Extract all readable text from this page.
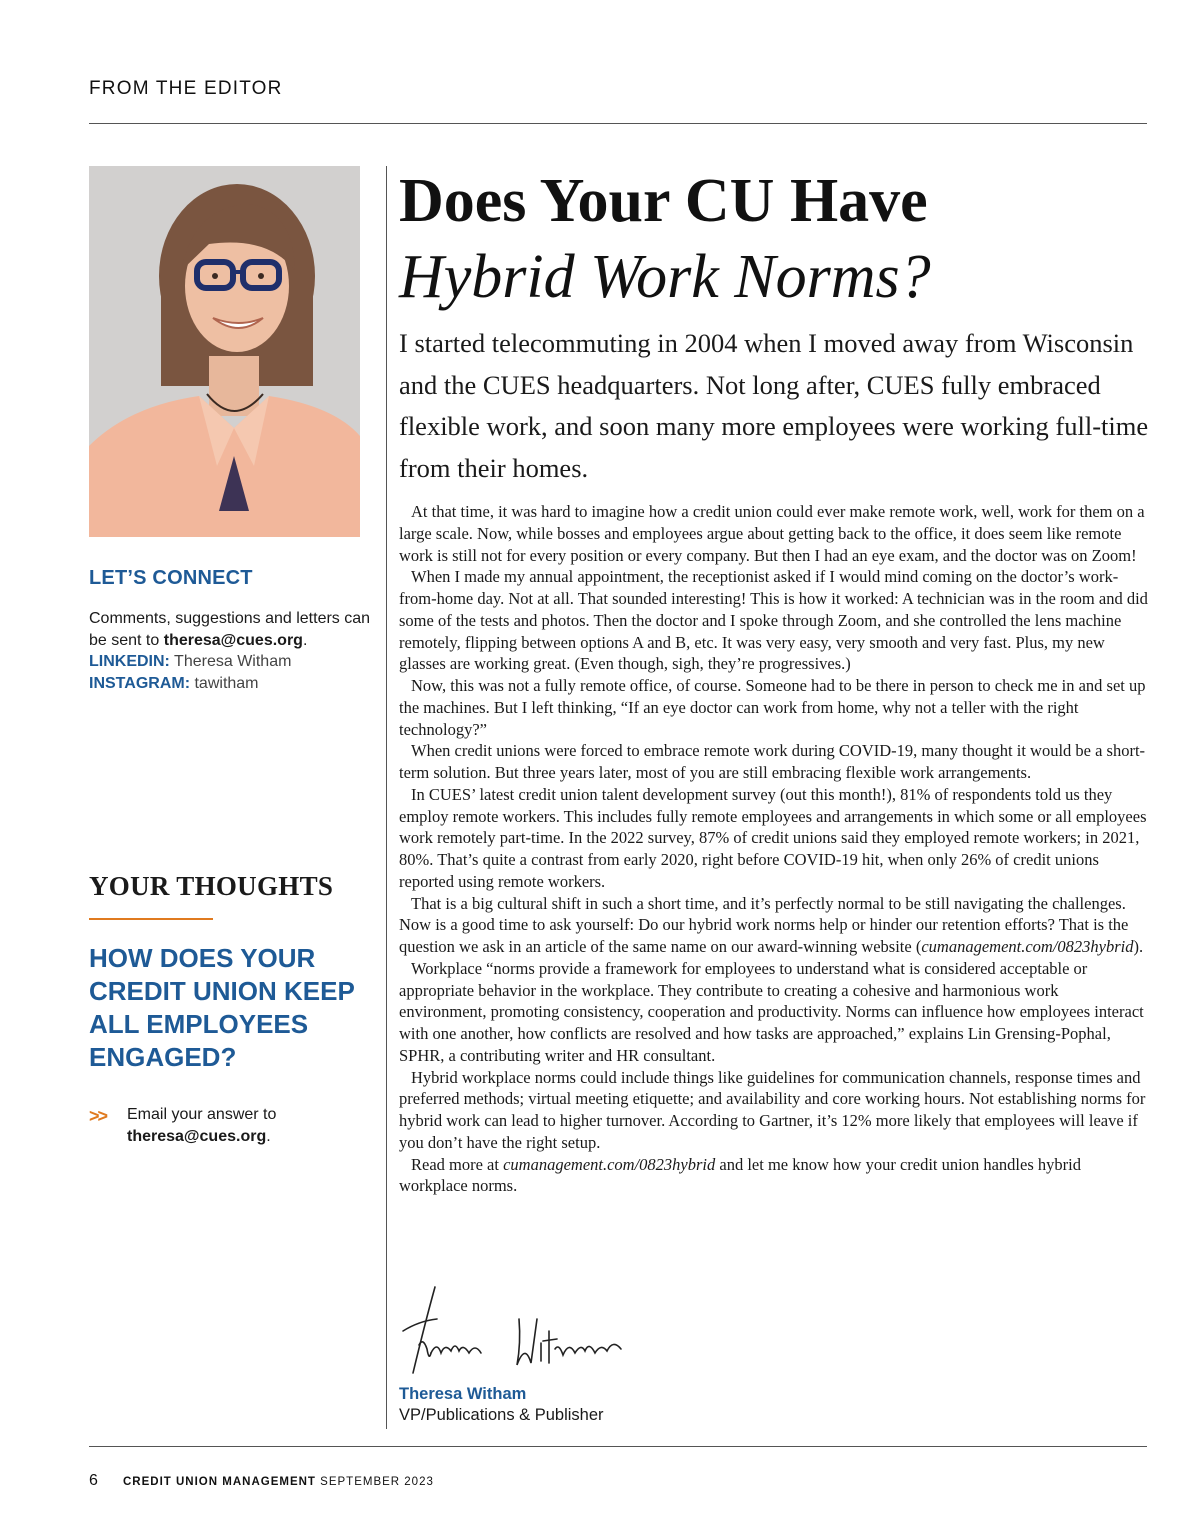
FROM THE EDITOR
LET’S CONNECT
Comments, suggestions and letters can be sent to theresa@cues.org.
LINKEDIN: Theresa Witham
INSTAGRAM: tawitham
YOUR THOUGHTS
HOW DOES YOUR CREDIT UNION KEEP ALL EMPLOYEES ENGAGED?
>> Email your answer to
theresa@cues.org.
Does Your CU Have
Hybrid Work Norms?

I started telecommuting in 2004 when I moved away from Wisconsin and the CUES headquarters. Not long after, CUES fully embraced flexible work, and soon many more employees were working full-time from their homes.

At that time, it was hard to imagine how a credit union could ever make remote work, well, work for them on a large scale. Now, while bosses and employees argue about getting back to the office, it does seem like remote work is still not for every position or every company. But then I had an eye exam, and the doctor was on Zoom!

When I made my annual appointment, the receptionist asked if I would mind coming on the doctor’s work-from-home day. Not at all. That sounded interesting! This is how it worked: A technician was in the room and did some of the tests and photos. Then the doctor and I spoke through Zoom, and she controlled the lens machine remotely, flipping between options A and B, etc. It was very easy, very smooth and very fast. Plus, my new glasses are working great. (Even though, sigh, they’re progressives.)

Now, this was not a fully remote office, of course. Someone had to be there in person to check me in and set up the machines. But I left thinking, “If an eye doctor can work from home, why not a teller with the right technology?”

When credit unions were forced to embrace remote work during COVID-19, many thought it would be a short-term solution. But three years later, most of you are still embracing flexible work arrangements.

In CUES’ latest credit union talent development survey (out this month!), 81% of respondents told us they employ remote workers. This includes fully remote employees and arrangements in which some or all employees work remotely part-time. In the 2022 survey, 87% of credit unions said they employed remote workers; in 2021, 80%. That’s quite a contrast from early 2020, right before COVID-19 hit, when only 26% of credit unions reported using remote workers.

That is a big cultural shift in such a short time, and it’s perfectly normal to be still navigating the challenges. Now is a good time to ask yourself: Do our hybrid work norms help or hinder our retention efforts? That is the question we ask in an article of the same name on our award-winning website (cumanagement.com/0823hybrid).

Workplace “norms provide a framework for employees to understand what is considered acceptable or appropriate behavior in the workplace. They contribute to creating a cohesive and harmonious work environment, promoting consistency, cooperation and productivity. Norms can influence how employees interact with one another, how conflicts are resolved and how tasks are approached,” explains Lin Grensing-Pophal, SPHR, a contributing writer and HR consultant.

Hybrid workplace norms could include things like guidelines for communication channels, response times and preferred methods; virtual meeting etiquette; and availability and core working hours. Not establishing norms for hybrid work can lead to higher turnover. According to Gartner, it’s 12% more likely that employees will leave if you don’t have the right setup.

Read more at cumanagement.com/0823hybrid and let me know how your credit union handles hybrid workplace norms.

Theresa Witham
VP/Publications & Publisher
6 CREDIT UNION MANAGEMENT SEPTEMBER 2023
